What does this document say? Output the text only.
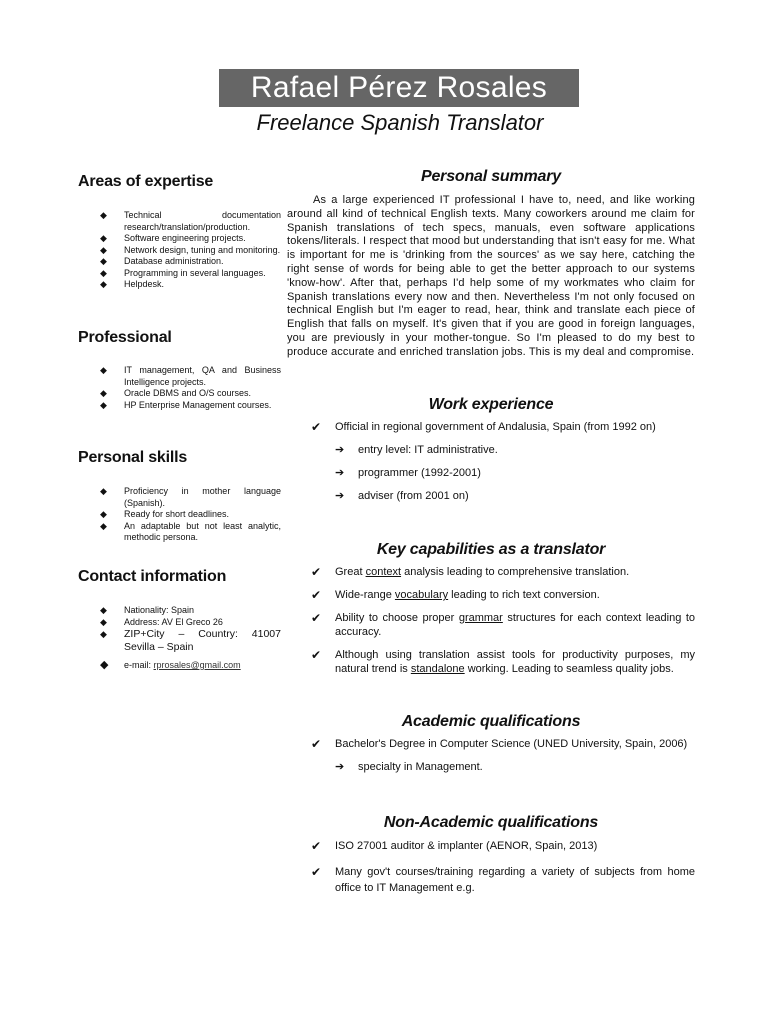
Rafael Pérez Rosales
Freelance Spanish Translator
Areas of expertise
◆ Technical documentation research/translation/production.
◆ Software engineering projects.
◆ Network design, tuning and monitoring.
◆ Database administration.
◆ Programming in several languages.
◆ Helpdesk.
Professional
◆ IT management, QA and Business Intelligence projects.
◆ Oracle DBMS and O/S courses.
◆ HP Enterprise Management courses.
Personal skills
◆ Proficiency in mother language (Spanish).
◆ Ready for short deadlines.
◆ An adaptable but not least analytic, methodic persona.
Contact information
◆ Nationality: Spain
◆ Address: AV El Greco 26
◆ ZIP+City – Country: 41007 Sevilla – Spain
◆ e-mail: rprosales@gmail.com
Personal summary

As a large experienced IT professional I have to, need, and like working around all kind of technical English texts. Many coworkers around me claim for Spanish translations of tech specs, manuals, even software applications tokens/literals. I respect that mood but understanding that isn't easy for me. What is important for me is 'drinking from the sources' as we say here, catching the right sense of words for being able to get the better approach to our systems 'know-how'. After that, perhaps I'd help some of my workmates who claim for Spanish translations every now and then. Nevertheless I'm not only focused on technical English but I'm eager to read, hear, think and translate each piece of English that falls on myself. It's given that if you are good in foreign languages, you are previously in your mother-tongue. So I'm pleased to do my best to produce accurate and enriched translation jobs. This is my deal and compromise.

Work experience
✔ Official in regional government of Andalusia, Spain (from 1992 on)
➔ entry level: IT administrative.
➔ programmer (1992-2001)
➔ adviser (from 2001 on)
Key capabilities as a translator
✔ Great context analysis leading to comprehensive translation.
✔ Wide-range vocabulary leading to rich text conversion.
✔ Ability to choose proper grammar structures for each context leading to accuracy.
✔ Although using translation assist tools for productivity purposes, my natural trend is standalone working. Leading to seamless quality jobs.
Academic qualifications
✔ Bachelor's Degree in Computer Science (UNED University, Spain, 2006)
➔ specialty in Management.
Non-Academic qualifications
✔ ISO 27001 auditor & implanter (AENOR, Spain, 2013)
✔ Many gov't courses/training regarding a variety of subjects from home office to IT Management e.g.
